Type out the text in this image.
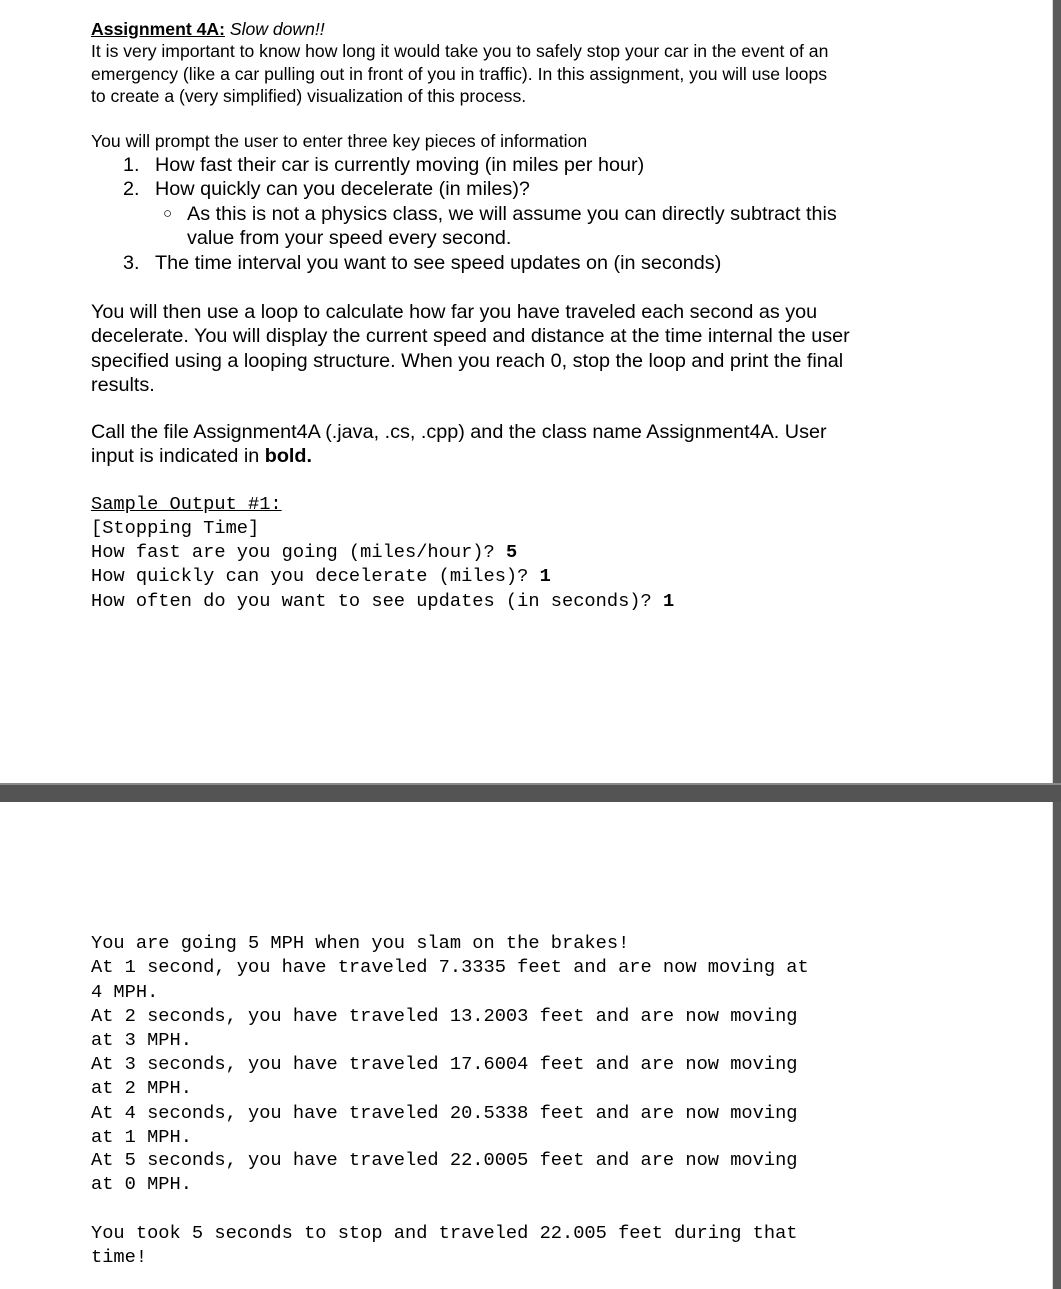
Assignment 4A: Slow down!!
It is very important to know how long it would take you to safely stop your car in the event of an
emergency (like a car pulling out in front of you in traffic). In this assignment, you will use loops
to create a (very simplified) visualization of this process.
You will prompt the user to enter three key pieces of information
1. How fast their car is currently moving (in miles per hour)
2. How quickly can you decelerate (in miles)?
○ As this is not a physics class, we will assume you can directly subtract this
value from your speed every second.
3. The time interval you want to see speed updates on (in seconds)
You will then use a loop to calculate how far you have traveled each second as you
decelerate. You will display the current speed and distance at the time internal the user
specified using a looping structure. When you reach 0, stop the loop and print the final
results.
Call the file Assignment4A (.java, .cs, .cpp) and the class name Assignment4A. User
input is indicated in bold.
Sample Output #1:
[Stopping Time]
How fast are you going (miles/hour)? 5
How quickly can you decelerate (miles)? 1
How often do you want to see updates (in seconds)? 1
You are going 5 MPH when you slam on the brakes!
At 1 second, you have traveled 7.3335 feet and are now moving at
4 MPH.
At 2 seconds, you have traveled 13.2003 feet and are now moving
at 3 MPH.
At 3 seconds, you have traveled 17.6004 feet and are now moving
at 2 MPH.
At 4 seconds, you have traveled 20.5338 feet and are now moving
at 1 MPH.
At 5 seconds, you have traveled 22.0005 feet and are now moving
at 0 MPH.
You took 5 seconds to stop and traveled 22.005 feet during that
time!
